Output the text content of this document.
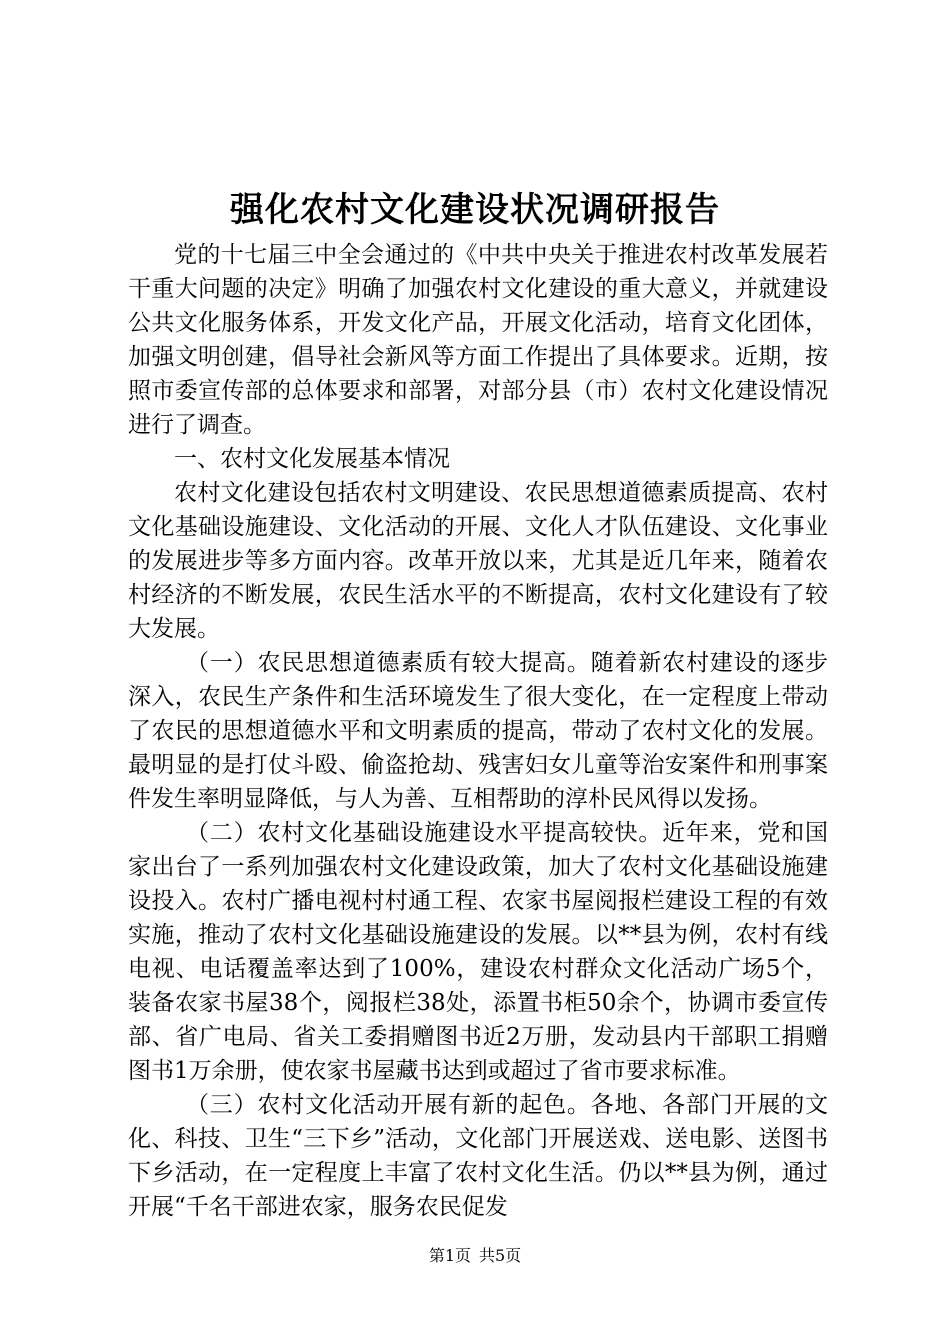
强化农村文化建设状况调研报告

党的十七届三中全会通过的《中共中央关于推进农村改革发展若干重大问题的决定》明确了加强农村文化建设的重大意义，并就建设公共文化服务体系，开发文化产品，开展文化活动，培育文化团体，加强文明创建，倡导社会新风等方面工作提出了具体要求。近期，按照市委宣传部的总体要求和部署，对部分县（市）农村文化建设情况进行了调查。

一、农村文化发展基本情况

农村文化建设包括农村文明建设、农民思想道德素质提高、农村文化基础设施建设、文化活动的开展、文化人才队伍建设、文化事业的发展进步等多方面内容。改革开放以来，尤其是近几年来，随着农村经济的不断发展，农民生活水平的不断提高，农村文化建设有了较大发展。

（一）农民思想道德素质有较大提高。随着新农村建设的逐步深入，农民生产条件和生活环境发生了很大变化，在一定程度上带动了农民的思想道德水平和文明素质的提高，带动了农村文化的发展。最明显的是打仗斗殴、偷盗抢劫、残害妇女儿童等治安案件和刑事案件发生率明显降低，与人为善、互相帮助的淳朴民风得以发扬。

（二）农村文化基础设施建设水平提高较快。近年来，党和国家出台了一系列加强农村文化建设政策，加大了农村文化基础设施建设投入。农村广播电视村村通工程、农家书屋阅报栏建设工程的有效实施，推动了农村文化基础设施建设的发展。以**县为例，农村有线电视、电话覆盖率达到了100%，建设农村群众文化活动广场5个，装备农家书屋38个，阅报栏38处，添置书柜50余个，协调市委宣传部、省广电局、省关工委捐赠图书近2万册，发动县内干部职工捐赠图书1万余册，使农家书屋藏书达到或超过了省市要求标准。

（三）农村文化活动开展有新的起色。各地、各部门开展的文化、科技、卫生“三下乡”活动，文化部门开展送戏、送电影、送图书下乡活动，在一定程度上丰富了农村文化生活。仍以**县为例，通过开展“千名干部进农家，服务农民促发

第1页 共5页
